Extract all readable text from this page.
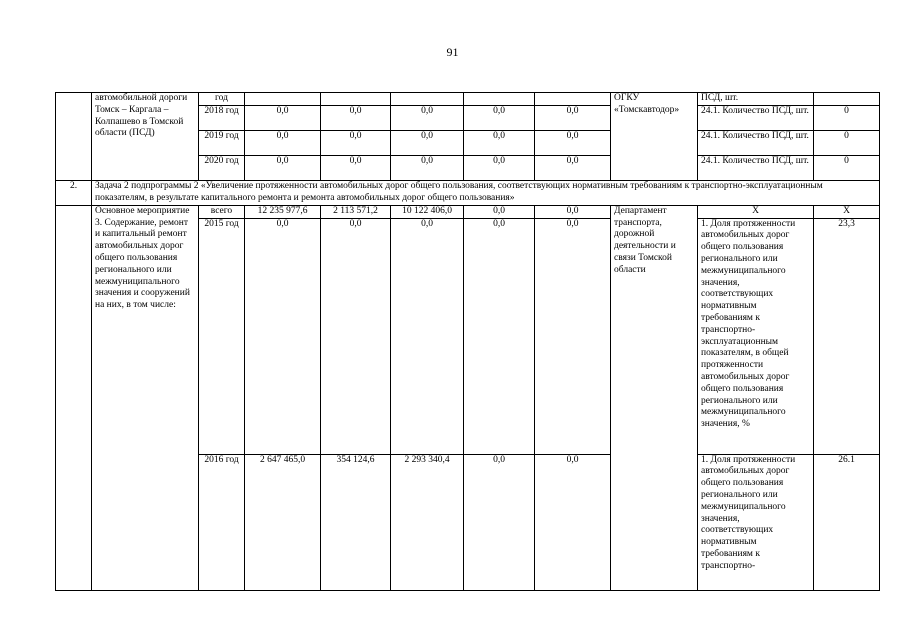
91
	автомобильной дороги Томск – Каргала – Колпашево в Томской области (ПСД)	год						ОГКУ «Томскавтодор»	ПСД, шт.	
		2018 год	0,0	0,0	0,0	0,0	0,0		24.1. Количество ПСД, шт.	0
		2019 год	0,0	0,0	0,0	0,0	0,0		24.1. Количество ПСД, шт.	0
		2020 год	0,0	0,0	0,0	0,0	0,0		24.1. Количество ПСД, шт.	0
2.	Задача 2 подпрограммы 2 «Увеличение протяженности автомобильных дорог общего пользования, соответствующих нормативным требованиям к транспортно-эксплуатационным показателям, в результате капитального ремонта и ремонта автомобильных дорог общего пользования»									
	Основное мероприятие 3. Содержание, ремонт и капитальный ремонт автомобильных дорог общего пользования регионального или межмуниципального значения и сооружений на них, в том числе:	всего	12 235 977,6	2 113 571,2	10 122 406,0	0,0	0,0	Департамент транспорта, дорожной деятельности и связи Томской области	X	X
		2015 год	0,0	0,0	0,0	0,0	0,0		1. Доля протяженности автомобильных дорог общего пользования регионального или межмуниципального значения, соответствующих нормативным требованиям к транспортно-эксплуатационным показателям, в общей протяженности автомобильных дорог общего пользования регионального или межмуниципального значения, %	23,3
		2016 год	2 647 465,0	354 124,6	2 293 340,4	0,0	0,0		1. Доля протяженности автомобильных дорог общего пользования регионального или межмуниципального значения, соответствующих нормативным требованиям к транспортно-	26.1
